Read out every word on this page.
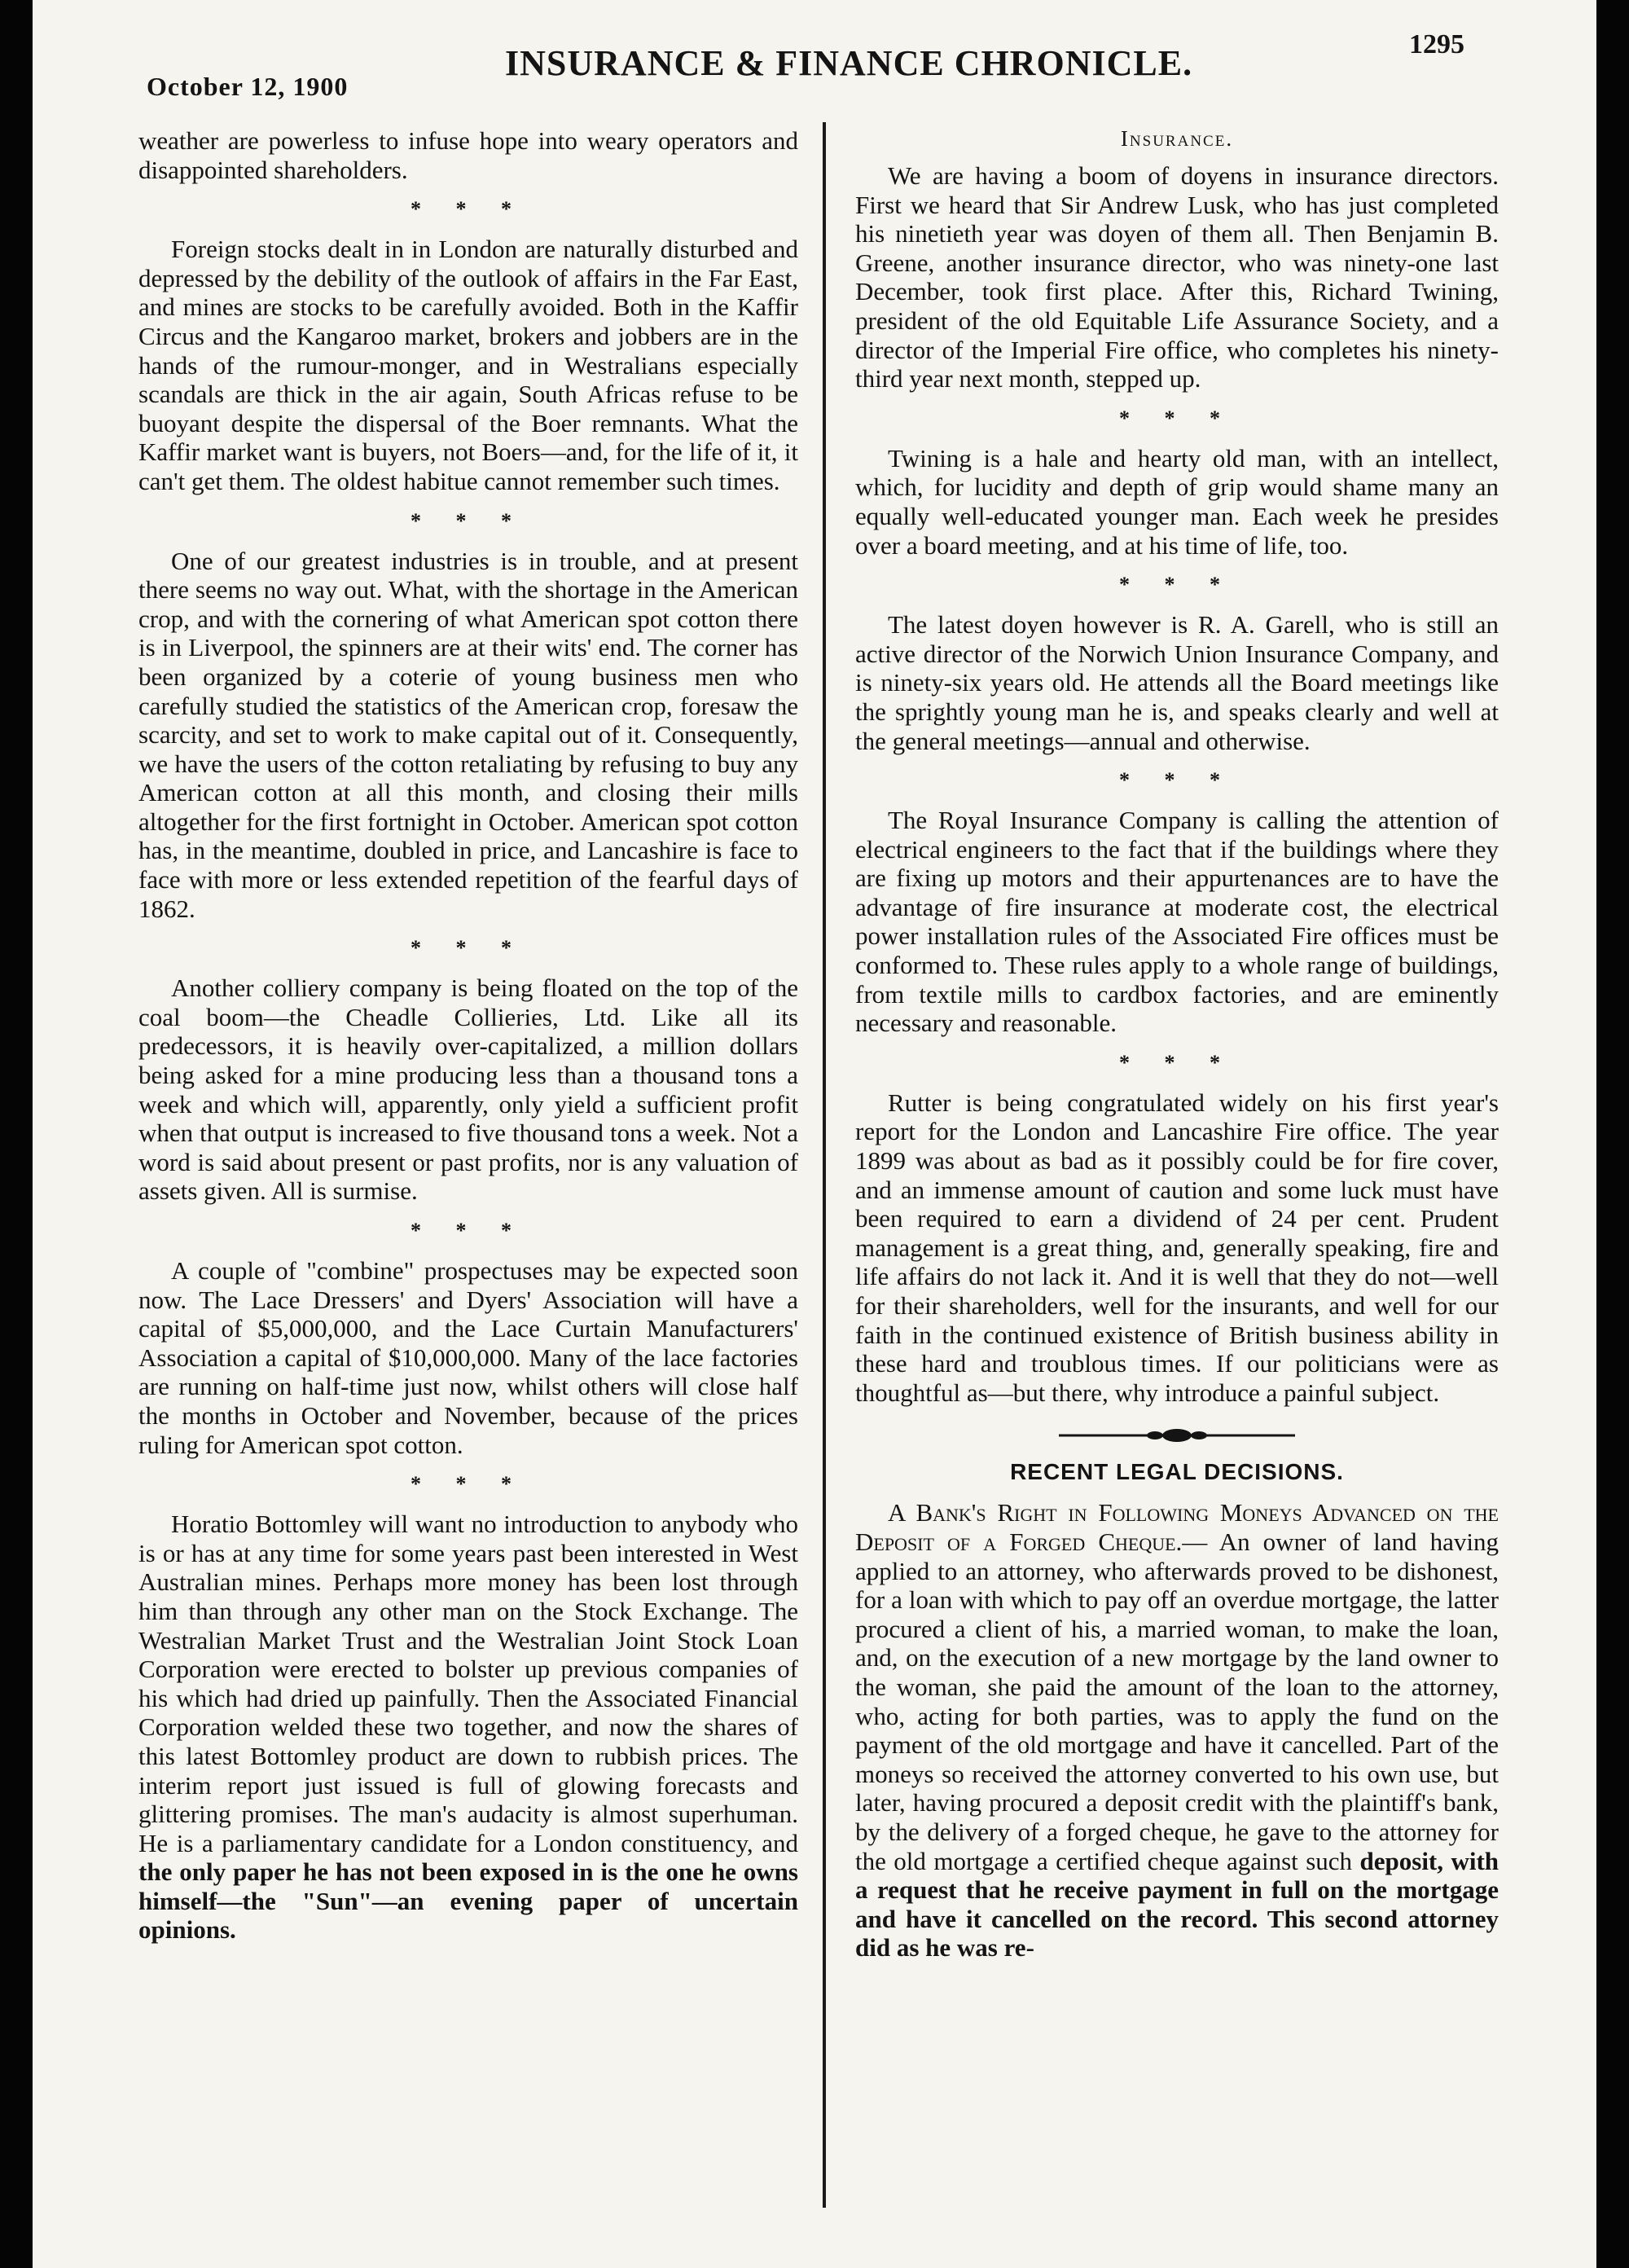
October 12, 1900
INSURANCE & FINANCE CHRONICLE.	1295

weather are powerless to infuse hope into weary operators and disappointed shareholders.

* * *

Foreign stocks dealt in in London are naturally disturbed and depressed by the debility of the outlook of affairs in the Far East, and mines are stocks to be carefully avoided. Both in the Kaffir Circus and the Kangaroo market, brokers and jobbers are in the hands of the rumour-monger, and in Westralians especially scandals are thick in the air again, South Africas refuse to be buoyant despite the dispersal of the Boer remnants. What the Kaffir market want is buyers, not Boers—and, for the life of it, it can't get them. The oldest habitue cannot remember such times.

* * *

One of our greatest industries is in trouble, and at present there seems no way out. What, with the shortage in the American crop, and with the cornering of what American spot cotton there is in Liverpool, the spinners are at their wits' end. The corner has been organized by a coterie of young business men who carefully studied the statistics of the American crop, foresaw the scarcity, and set to work to make capital out of it. Consequently, we have the users of the cotton retaliating by refusing to buy any American cotton at all this month, and closing their mills altogether for the first fortnight in October. American spot cotton has, in the meantime, doubled in price, and Lancashire is face to face with more or less extended repetition of the fearful days of 1862.

* * *

Another colliery company is being floated on the top of the coal boom—the Cheadle Collieries, Ltd. Like all its predecessors, it is heavily over-capitalized, a million dollars being asked for a mine producing less than a thousand tons a week and which will, apparently, only yield a sufficient profit when that output is increased to five thousand tons a week. Not a word is said about present or past profits, nor is any valuation of assets given. All is surmise.

* * *

A couple of "combine" prospectuses may be expected soon now. The Lace Dressers' and Dyers' Association will have a capital of $5,000,000, and the Lace Curtain Manufacturers' Association a capital of $10,000,000. Many of the lace factories are running on half-time just now, whilst others will close half the months in October and November, because of the prices ruling for American spot cotton.

* * *

Horatio Bottomley will want no introduction to anybody who is or has at any time for some years past been interested in West Australian mines. Perhaps more money has been lost through him than through any other man on the Stock Exchange. The Westralian Market Trust and the Westralian Joint Stock Loan Corporation were erected to bolster up previous companies of his which had dried up painfully. Then the Associated Financial Corporation welded these two together, and now the shares of this latest Bottomley product are down to rubbish prices. The interim report just issued is full of glowing forecasts and glittering promises. The man's audacity is almost superhuman. He is a parliamentary candidate for a London constituency, and the only paper he has not been exposed in is the one he owns himself—the "Sun"—an evening paper of uncertain opinions.

Insurance.

We are having a boom of doyens in insurance directors. First we heard that Sir Andrew Lusk, who has just completed his ninetieth year was doyen of them all. Then Benjamin B. Greene, another insurance director, who was ninety-one last December, took first place. After this, Richard Twining, president of the old Equitable Life Assurance Society, and a director of the Imperial Fire office, who completes his ninety-third year next month, stepped up.

* * *

Twining is a hale and hearty old man, with an intellect, which, for lucidity and depth of grip would shame many an equally well-educated younger man. Each week he presides over a board meeting, and at his time of life, too.

* * *

The latest doyen however is R. A. Garell, who is still an active director of the Norwich Union Insurance Company, and is ninety-six years old. He attends all the Board meetings like the sprightly young man he is, and speaks clearly and well at the general meetings—annual and otherwise.

* * *

The Royal Insurance Company is calling the attention of electrical engineers to the fact that if the buildings where they are fixing up motors and their appurtenances are to have the advantage of fire insurance at moderate cost, the electrical power installation rules of the Associated Fire offices must be conformed to. These rules apply to a whole range of buildings, from textile mills to cardbox factories, and are eminently necessary and reasonable.

* * *

Rutter is being congratulated widely on his first year's report for the London and Lancashire Fire office. The year 1899 was about as bad as it possibly could be for fire cover, and an immense amount of caution and some luck must have been required to earn a dividend of 24 per cent. Prudent management is a great thing, and, generally speaking, fire and life affairs do not lack it. And it is well that they do not—well for their shareholders, well for the insurants, and well for our faith in the continued existence of British business ability in these hard and troublous times. If our politicians were as thoughtful as—but there, why introduce a painful subject.

RECENT LEGAL DECISIONS.

A Bank's Right in Following Moneys Advanced on the Deposit of a Forged Cheque.— An owner of land having applied to an attorney, who afterwards proved to be dishonest, for a loan with which to pay off an overdue mortgage, the latter procured a client of his, a married woman, to make the loan, and, on the execution of a new mortgage by the land owner to the woman, she paid the amount of the loan to the attorney, who, acting for both parties, was to apply the fund on the payment of the old mortgage and have it cancelled. Part of the moneys so received the attorney converted to his own use, but later, having procured a deposit credit with the plaintiff's bank, by the delivery of a forged cheque, he gave to the attorney for the old mortgage a certified cheque against such deposit, with a request that he receive payment in full on the mortgage and have it cancelled on the record. This second attorney did as he was re-
